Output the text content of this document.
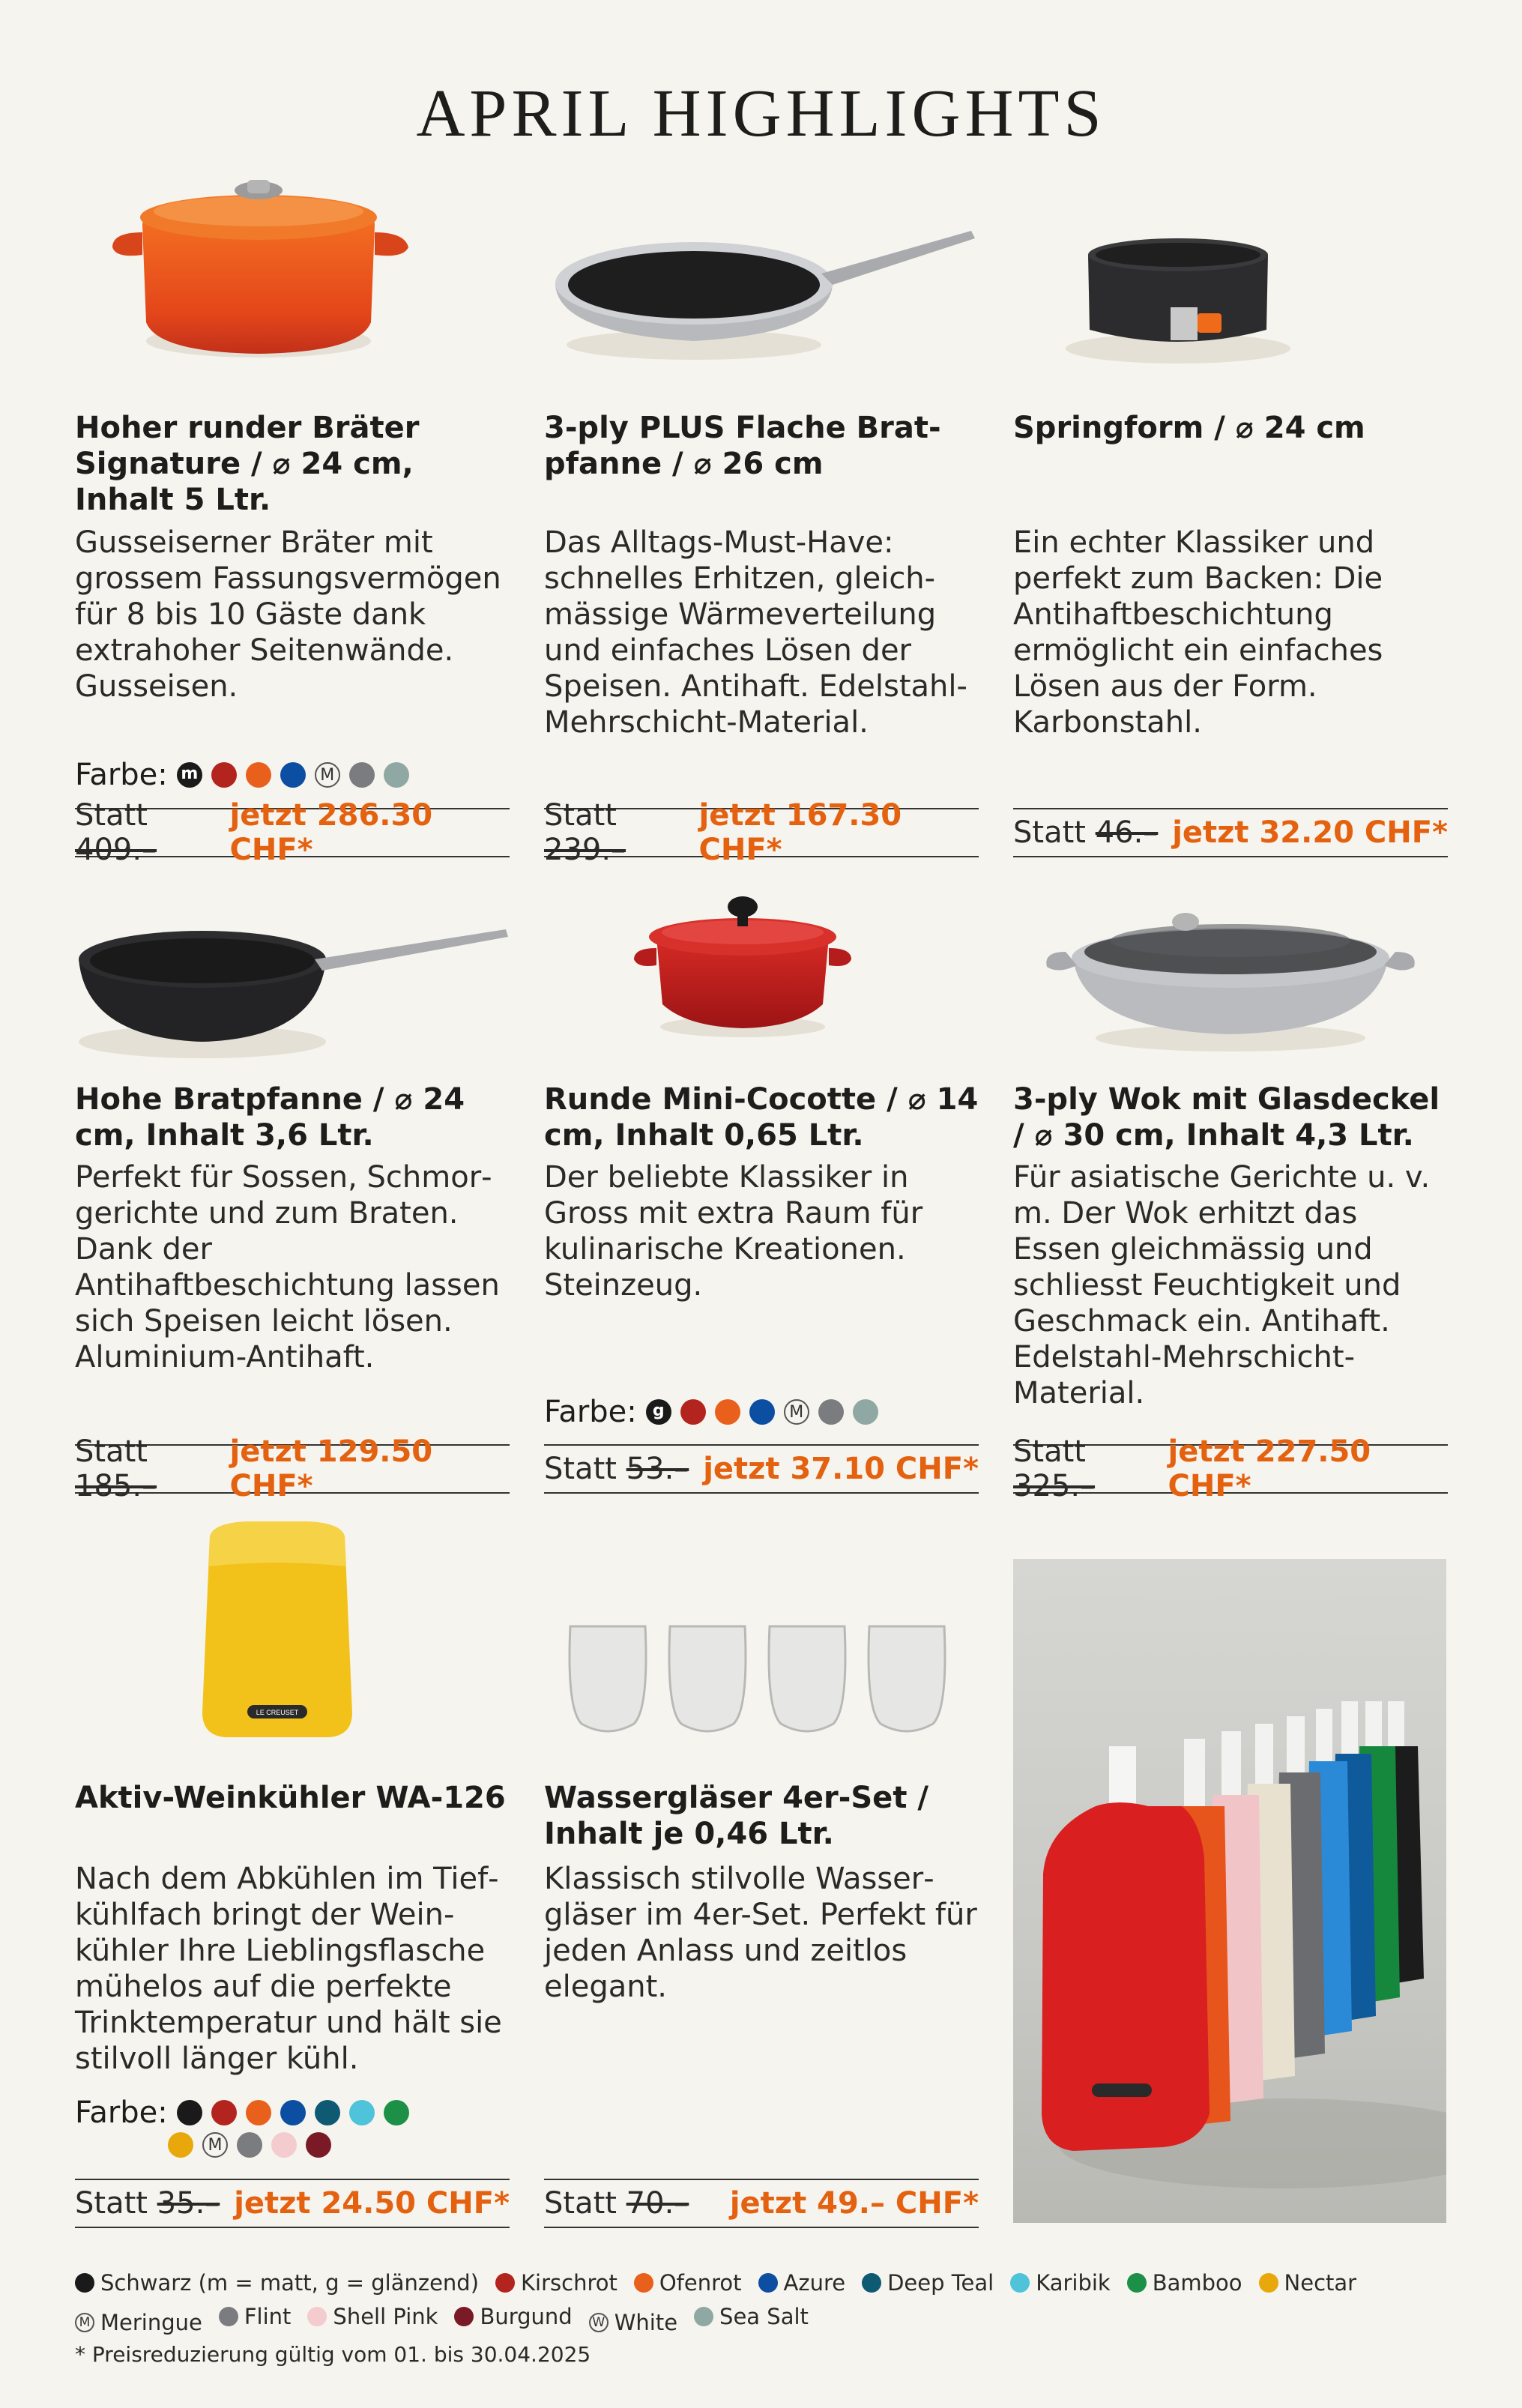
APRIL HIGHLIGHTS

Hoher runder Bräter Signature / ⌀ 24 cm, Inhalt 5 Ltr.

Gusseiserner Bräter mit grossem Fassungsvermögen für 8 bis 10 Gäste dank extrahoher Seitenwände. Gusseisen.

Farbe: m	M
Statt 409.–
jetzt 286.30 CHF*

3-ply PLUS Flache Bratpfanne / ⌀ 26 cm

Das Alltags-Must-Have: schnelles Erhitzen, gleichmässige Wärmeverteilung und einfaches Lösen der Speisen. Antihaft. Edelstahl-Mehrschicht-Material.

Statt 239.–
jetzt 167.30 CHF*

Springform / ⌀ 24 cm

Ein echter Klassiker und perfekt zum Backen: Die Antihaftbeschichtung ermöglicht ein einfaches Lösen aus der Form. Karbonstahl.

Statt 46.– jetzt 32.20 CHF*

Hohe Bratpfanne / ⌀ 24 cm, Inhalt 3,6 Ltr.

Perfekt für Sossen, Schmorgerichte und zum Braten. Dank der Antihaftbeschichtung lassen sich Speisen leicht lösen. Aluminium-Antihaft.

Statt 185.–
jetzt 129.50 CHF*

Runde Mini-Cocotte / ⌀ 14 cm, Inhalt 0,65 Ltr.

Der beliebte Klassiker in Gross mit extra Raum für kulinarische Kreationen. Steinzeug.

Farbe: g	M
Statt 53.– jetzt 37.10 CHF*

3-ply Wok mit Glasdeckel / ⌀ 30 cm, Inhalt 4,3 Ltr.

Für asiatische Gerichte u. v. m. Der Wok erhitzt das Essen gleichmässig und schliesst Feuchtigkeit und Geschmack ein. Antihaft. Edelstahl-Mehrschicht-Material.

Statt 325.–
jetzt 227.50 CHF*
LE CREUSET

Aktiv-Weinkühler WA-126

Nach dem Abkühlen im Tiefkühlfach bringt der Weinkühler Ihre Lieblingsflasche mühelos auf die perfekte Trinktemperatur und hält sie stilvoll länger kühl.

Farbe:
M
Statt 35.– jetzt 24.50 CHF*

Wassergläser 4er-Set / Inhalt je 0,46 Ltr.

Klassisch stilvolle Wassergläser im 4er-Set. Perfekt für jeden Anlass und zeitlos elegant.

Statt 70.– jetzt 49.– CHF*
Schwarz (m = matt, g = glänzend) Kirschrot Ofenrot Azure Deep Teal Karibik Bamboo Nectar
M Meringue Flint Shell Pink Burgund W White Sea Salt
* Preisreduzierung gültig vom 01. bis 30.04.2025
